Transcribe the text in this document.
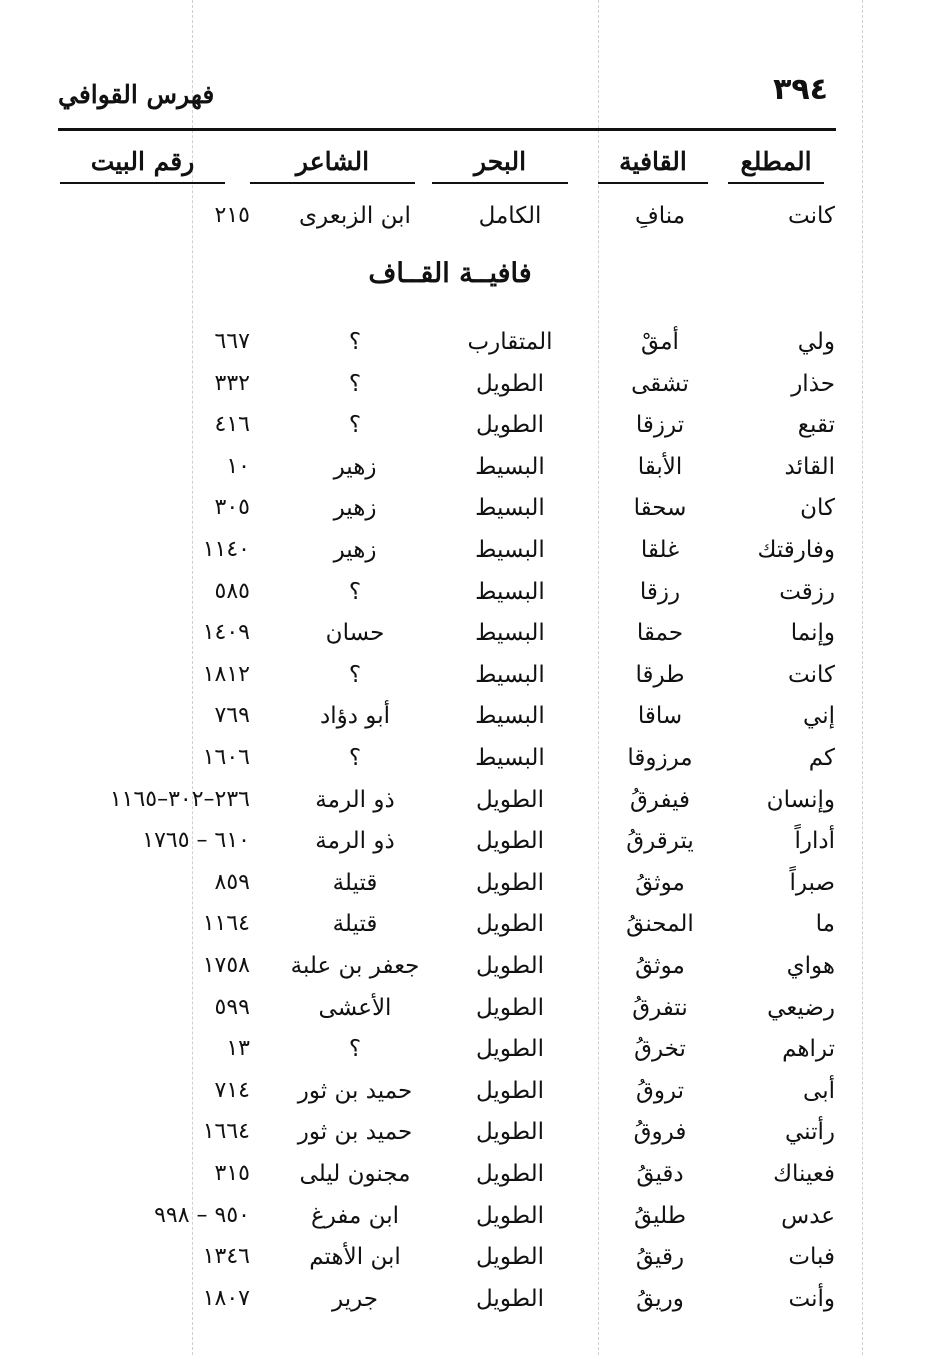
٣٩٤
فهرس القوافي
المطلع
القافية
البحر
الشاعر
رقم البيت
كانت
منافِ
الكامل
ابن الزبعرى
٢١٥
فافيــة القــاف
ولي
أمقْ
المتقارب
؟
٦٦٧
حذار
تشقى
الطويل
؟
٣٣٢
تقبع
ترزقا
الطويل
؟
٤١٦
القائد
الأبقا
البسيط
زهير
١٠
كان
سحقا
البسيط
زهير
٣٠٥
وفارقتك
غلقا
البسيط
زهير
١١٤٠
رزقت
رزقا
البسيط
؟
٥٨٥
وإنما
حمقا
البسيط
حسان
١٤٠٩
كانت
طرقا
البسيط
؟
١٨١٢
إني
ساقا
البسيط
أبو دؤاد
٧٦٩
كم
مرزوقا
البسيط
؟
١٦٠٦
وإنسان
فيفرقُ
الطويل
ذو الرمة
٢٣٦–٣٠٢–١١٦٥
أداراً
يترقرقُ
الطويل
ذو الرمة
٦١٠ – ١٧٦٥
صبراً
موثقُ
الطويل
قتيلة
٨٥٩
ما
المحنقُ
الطويل
قتيلة
١١٦٤
هواي
موثقُ
الطويل
جعفر بن علبة
١٧٥٨
رضيعي
نتفرقُ
الطويل
الأعشى
٥٩٩
تراهم
تخرقُ
الطويل
؟
١٣
أبى
تروقُ
الطويل
حميد بن ثور
٧١٤
رأتني
فروقُ
الطويل
حميد بن ثور
١٦٦٤
فعيناك
دقيقُ
الطويل
مجنون ليلى
٣١٥
عدس
طليقُ
الطويل
ابن مفرغ
٩٥٠ – ٩٩٨
فبات
رقيقُ
الطويل
ابن الأهتم
١٣٤٦
وأنت
وريقُ
الطويل
جرير
١٨٠٧
